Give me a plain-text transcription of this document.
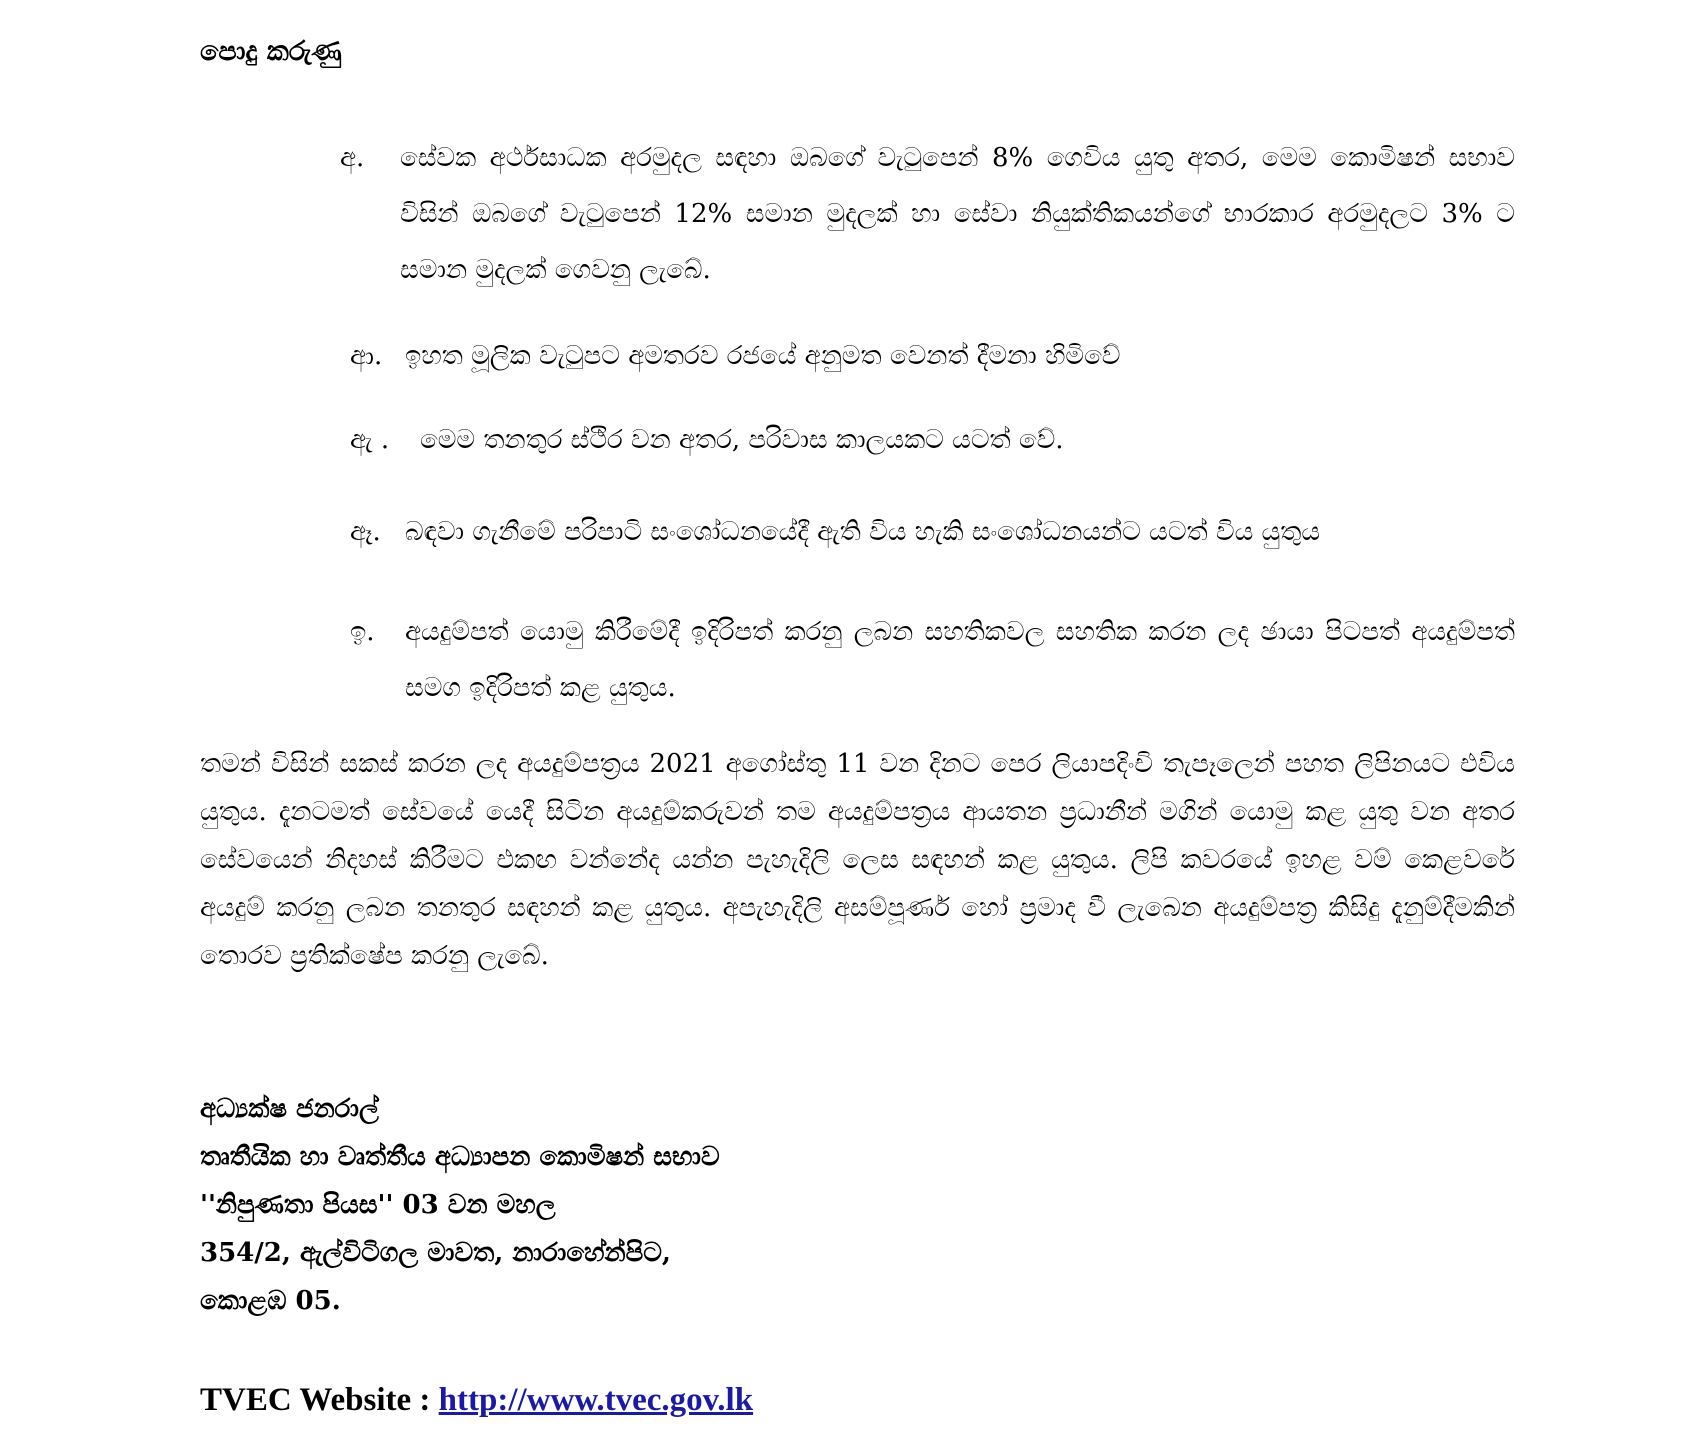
පොදු කරුණු
අ.	සේවක අර්ථසාධක අරමුදල සඳහා ඔබගේ වැටුපෙන් 8% ගෙවිය යුතු අතර, මෙම කොමිෂන් සභාව විසින් ඔබගේ වැටුපෙන් 12% සමාන මුදලක් හා සේවා නියුක්තිකයන්ගේ භාරකාර අරමුදලට 3% ට සමාන මුදලක් ගෙවනු ලැබේ.
ආ. ඉහත මූලික වැටුපට අමතරව රජයේ අනුමත වෙනත් දීමනා හිමිවේ
ඇ .	මෙම තනතුර ස්ථිර වන අතර, පරිවාස කාලයකට යටත් වේ.
ඈ. බඳවා ගැනීමේ පරිපාටි සංශෝධනයේදී ඇති විය හැකි සංශෝධනයන්ට යටත් විය යුතුය
ඉ.	අයදුම්පත් යොමු කිරීමේදී ඉදිරිපත් කරනු ලබන සහතිකවල සහතික කරන ලද ඡායා පිටපත් අයදුම්පත් සමග ඉදිරිපත් කළ යුතුය.

තමන් විසින් සකස් කරන ලද අයදුම්පත්‍රය 2021 අගෝස්තු 11 වන දිනට පෙර ලියාපදිංචි තැපෑලෙන් පහත ලිපිනයට එවිය යුතුය. දැනටමත් සේවයේ යෙදී සිටින අයදුම්කරුවන් තම අයදුම්පත්‍රය ආයතන ප්‍රධානීන් මගින් යොමු කළ යුතු වන අතර සේවයෙන් නිදහස් කිරීමට එකඟ වන්නේද යන්න පැහැදිලි ලෙස සඳහන් කළ යුතුය. ලිපි කවරයේ ඉහළ වම් කෙළවරේ අයදුම් කරනු ලබන තනතුර සඳහන් කළ යුතුය. අපැහැදිලි අසම්පූර්ණ හෝ ප්‍රමාද වී ලැබෙන අයදුම්පත්‍ර කිසිදු දැනුම්දීමකින් තොරව ප්‍රතික්ෂේප කරනු ලැබේ.

අධ්‍යක්ෂ ජනරාල්
තෘතීයික හා වෘත්තීය අධ්‍යාපන කොමිෂන් සභාව
''නිපුණතා පියස'' 03 වන මහල
354/2, ඇල්විටිගල මාවත, නාරාහේන්පිට,
කොළඹ 05.
TVEC Website : http://www.tvec.gov.lk
